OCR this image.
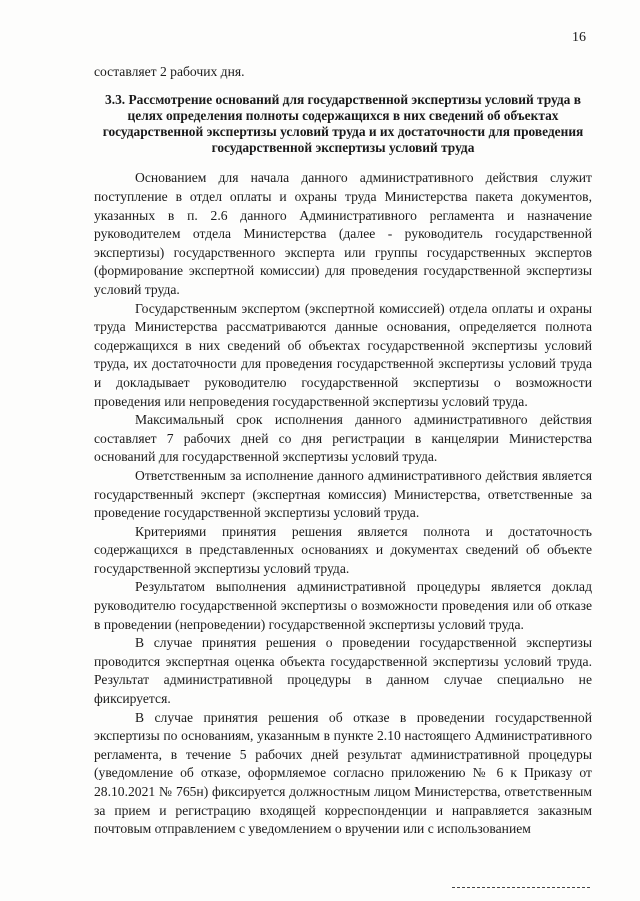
16

составляет 2 рабочих дня.

3.3. Рассмотрение оснований для государственной экспертизы условий труда в целях определения полноты содержащихся в них сведений об объектах государственной экспертизы условий труда и их достаточности для проведения государственной экспертизы условий труда

Основанием для начала данного административного действия служит поступление в отдел оплаты и охраны труда Министерства пакета документов, указанных в п. 2.6 данного Административного регламента и назначение руководителем отдела Министерства (далее - руководитель государственной экспертизы) государственного эксперта или группы государственных экспертов (формирование экспертной комиссии) для проведения государственной экспертизы условий труда.

Государственным экспертом (экспертной комиссией) отдела оплаты и охраны труда Министерства рассматриваются данные основания, определяется полнота содержащихся в них сведений об объектах государственной экспертизы условий труда, их достаточности для проведения государственной экспертизы условий труда и докладывает руководителю государственной экспертизы о возможности проведения или непроведения государственной экспертизы условий труда.

Максимальный срок исполнения данного административного действия составляет 7 рабочих дней со дня регистрации в канцелярии Министерства оснований для государственной экспертизы условий труда.

Ответственным за исполнение данного административного действия является государственный эксперт (экспертная комиссия) Министерства, ответственные за проведение государственной экспертизы условий труда.

Критериями принятия решения является полнота и достаточность содержащихся в представленных основаниях и документах сведений об объекте государственной экспертизы условий труда.

Результатом выполнения административной процедуры является доклад руководителю государственной экспертизы о возможности проведения или об отказе в проведении (непроведении) государственной экспертизы условий труда.

В случае принятия решения о проведении государственной экспертизы проводится экспертная оценка объекта государственной экспертизы условий труда. Результат административной процедуры в данном случае специально не фиксируется.

В случае принятия решения об отказе в проведении государственной экспертизы по основаниям, указанным в пункте 2.10 настоящего Административного регламента, в течение 5 рабочих дней результат административной процедуры (уведомление об отказе, оформляемое согласно приложению № 6 к Приказу от 28.10.2021 № 765н) фиксируется должностным лицом Министерства, ответственным за прием и регистрацию входящей корреспонденции и направляется заказным почтовым отправлением с уведомлением о вручении или с использованием
